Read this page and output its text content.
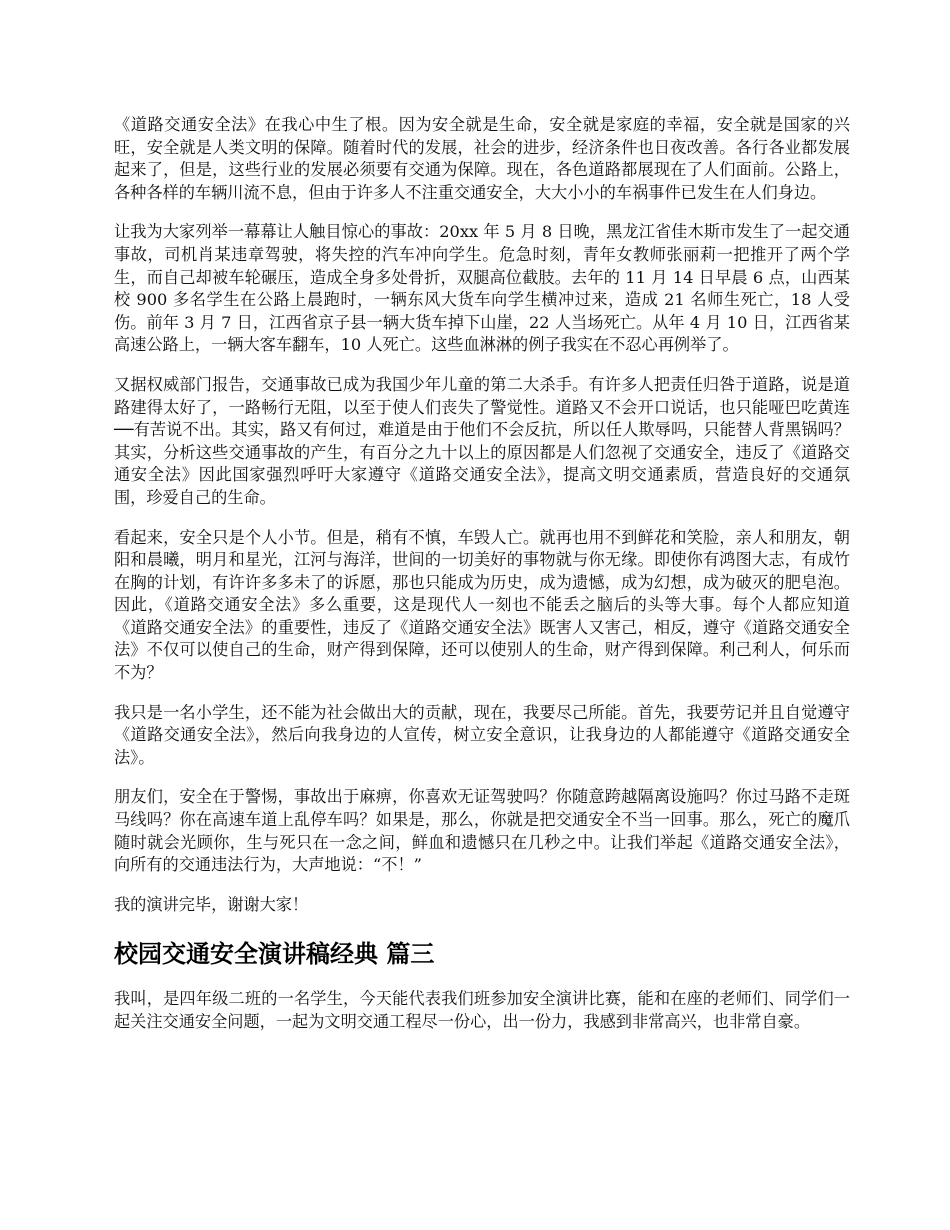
《道路交通安全法》在我心中生了根。因为安全就是生命，安全就是家庭的幸福，安全就是国家的兴旺，安全就是人类文明的保障。随着时代的发展，社会的进步，经济条件也日夜改善。各行各业都发展起来了，但是，这些行业的发展必须要有交通为保障。现在，各色道路都展现在了人们面前。公路上，各种各样的车辆川流不息，但由于许多人不注重交通安全，大大小小的车祸事件已发生在人们身边。

让我为大家列举一幕幕让人触目惊心的事故：20xx 年 5 月 8 日晚，黑龙江省佳木斯市发生了一起交通事故，司机肖某违章驾驶，将失控的汽车冲向学生。危急时刻，青年女教师张丽莉一把推开了两个学生，而自己却被车轮碾压，造成全身多处骨折，双腿高位截肢。去年的 11 月 14 日早晨 6 点，山西某校 900 多名学生在公路上晨跑时，一辆东风大货车向学生横冲过来，造成 21 名师生死亡，18 人受伤。前年 3 月 7 日，江西省京子县一辆大货车掉下山崖，22 人当场死亡。从年 4 月 10 日，江西省某高速公路上，一辆大客车翻车，10 人死亡。这些血淋淋的例子我实在不忍心再例举了。

又据权威部门报告，交通事故已成为我国少年儿童的第二大杀手。有许多人把责任归咎于道路，说是道路建得太好了，一路畅行无阻，以至于使人们丧失了警觉性。道路又不会开口说话，也只能哑巴吃黄连──有苦说不出。其实，路又有何过，难道是由于他们不会反抗，所以任人欺辱吗，只能替人背黑锅吗？其实，分析这些交通事故的产生，有百分之九十以上的原因都是人们忽视了交通安全，违反了《道路交通安全法》因此国家强烈呼吁大家遵守《道路交通安全法》，提高文明交通素质，营造良好的交通氛围，珍爱自己的生命。

看起来，安全只是个人小节。但是，稍有不慎，车毁人亡。就再也用不到鲜花和笑脸，亲人和朋友，朝阳和晨曦，明月和星光，江河与海洋，世间的一切美好的事物就与你无缘。即使你有鸿图大志，有成竹在胸的计划，有许许多多未了的诉愿，那也只能成为历史，成为遗憾，成为幻想，成为破灭的肥皂泡。因此，《道路交通安全法》多么重要，这是现代人一刻也不能丢之脑后的头等大事。每个人都应知道《道路交通安全法》的重要性，违反了《道路交通安全法》既害人又害己，相反，遵守《道路交通安全法》不仅可以使自己的生命，财产得到保障，还可以使别人的生命，财产得到保障。利己利人，何乐而不为？

我只是一名小学生，还不能为社会做出大的贡献，现在，我要尽己所能。首先，我要劳记并且自觉遵守《道路交通安全法》，然后向我身边的人宣传，树立安全意识，让我身边的人都能遵守《道路交通安全法》。

朋友们，安全在于警惕，事故出于麻痹，你喜欢无证驾驶吗？你随意跨越隔离设施吗？你过马路不走斑马线吗？你在高速车道上乱停车吗？如果是，那么，你就是把交通安全不当一回事。那么，死亡的魔爪随时就会光顾你，生与死只在一念之间，鲜血和遗憾只在几秒之中。让我们举起《道路交通安全法》，向所有的交通违法行为，大声地说：“不！”

我的演讲完毕，谢谢大家！

校园交通安全演讲稿经典 篇三

我叫，是四年级二班的一名学生，今天能代表我们班参加安全演讲比赛，能和在座的老师们、同学们一起关注交通安全问题，一起为文明交通工程尽一份心，出一份力，我感到非常高兴，也非常自豪。
